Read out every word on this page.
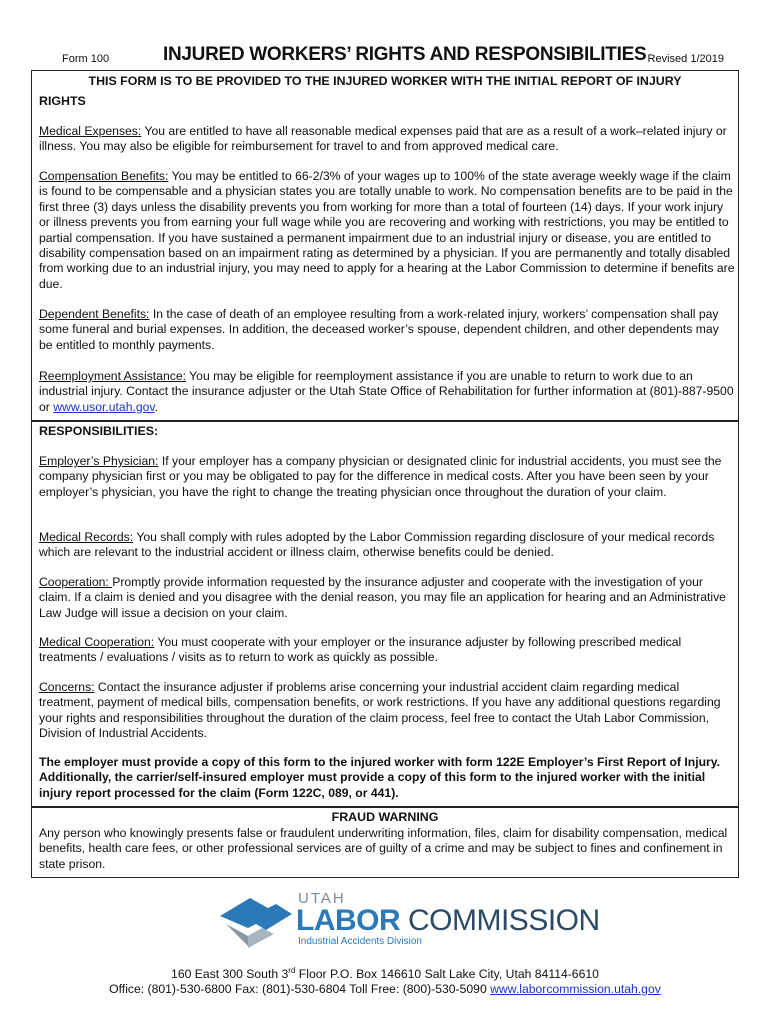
Form 100	INJURED WORKERS’ RIGHTS AND RESPONSIBILITIES Revised 1/2019
THIS FORM IS TO BE PROVIDED TO THE INJURED WORKER WITH THE INITIAL REPORT OF INJURY
RIGHTS

Medical Expenses: You are entitled to have all reasonable medical expenses paid that are as a result of a work–related injury or illness. You may also be eligible for reimbursement for travel to and from approved medical care.

Compensation Benefits: You may be entitled to 66-2/3% of your wages up to 100% of the state average weekly wage if the claim is found to be compensable and a physician states you are totally unable to work. No compensation benefits are to be paid in the first three (3) days unless the disability prevents you from working for more than a total of fourteen (14) days. If your work injury or illness prevents you from earning your full wage while you are recovering and working with restrictions, you may be entitled to partial compensation. If you have sustained a permanent impairment due to an industrial injury or disease, you are entitled to disability compensation based on an impairment rating as determined by a physician. If you are permanently and totally disabled from working due to an industrial injury, you may need to apply for a hearing at the Labor Commission to determine if benefits are due.

Dependent Benefits: In the case of death of an employee resulting from a work-related injury, workers’ compensation shall pay some funeral and burial expenses. In addition, the deceased worker’s spouse, dependent children, and other dependents may be entitled to monthly payments.

Reemployment Assistance: You may be eligible for reemployment assistance if you are unable to return to work due to an industrial injury. Contact the insurance adjuster or the Utah State Office of Rehabilitation for further information at (801)-887-9500 or www.usor.utah.gov.

RESPONSIBILITIES:

Employer’s Physician: If your employer has a company physician or designated clinic for industrial accidents, you must see the company physician first or you may be obligated to pay for the difference in medical costs. After you have been seen by your employer’s physician, you have the right to change the treating physician once throughout the duration of your claim.

Medical Records: You shall comply with rules adopted by the Labor Commission regarding disclosure of your medical records which are relevant to the industrial accident or illness claim, otherwise benefits could be denied.

Cooperation: Promptly provide information requested by the insurance adjuster and cooperate with the investigation of your claim. If a claim is denied and you disagree with the denial reason, you may file an application for hearing and an Administrative Law Judge will issue a decision on your claim.

Medical Cooperation: You must cooperate with your employer or the insurance adjuster by following prescribed medical treatments / evaluations / visits as to return to work as quickly as possible.

Concerns: Contact the insurance adjuster if problems arise concerning your industrial accident claim regarding medical treatment, payment of medical bills, compensation benefits, or work restrictions. If you have any additional questions regarding your rights and responsibilities throughout the duration of the claim process, feel free to contact the Utah Labor Commission, Division of Industrial Accidents.

The employer must provide a copy of this form to the injured worker with form 122E Employer’s First Report of Injury. Additionally, the carrier/self-insured employer must provide a copy of this form to the injured worker with the initial injury report processed for the claim (Form 122C, 089, or 441).

FRAUD WARNING

Any person who knowingly presents false or fraudulent underwriting information, files, claim for disability compensation, medical benefits, health care fees, or other professional services are of guilty of a crime and may be subject to fines and confinement in state prison.

UTAH
LABOR COMMISSION
Industrial Accidents Division
160 East 300 South 3rd Floor P.O. Box 146610 Salt Lake City, Utah 84114-6610
Office: (801)-530-6800 Fax: (801)-530-6804 Toll Free: (800)-530-5090 www.laborcommission.utah.gov
